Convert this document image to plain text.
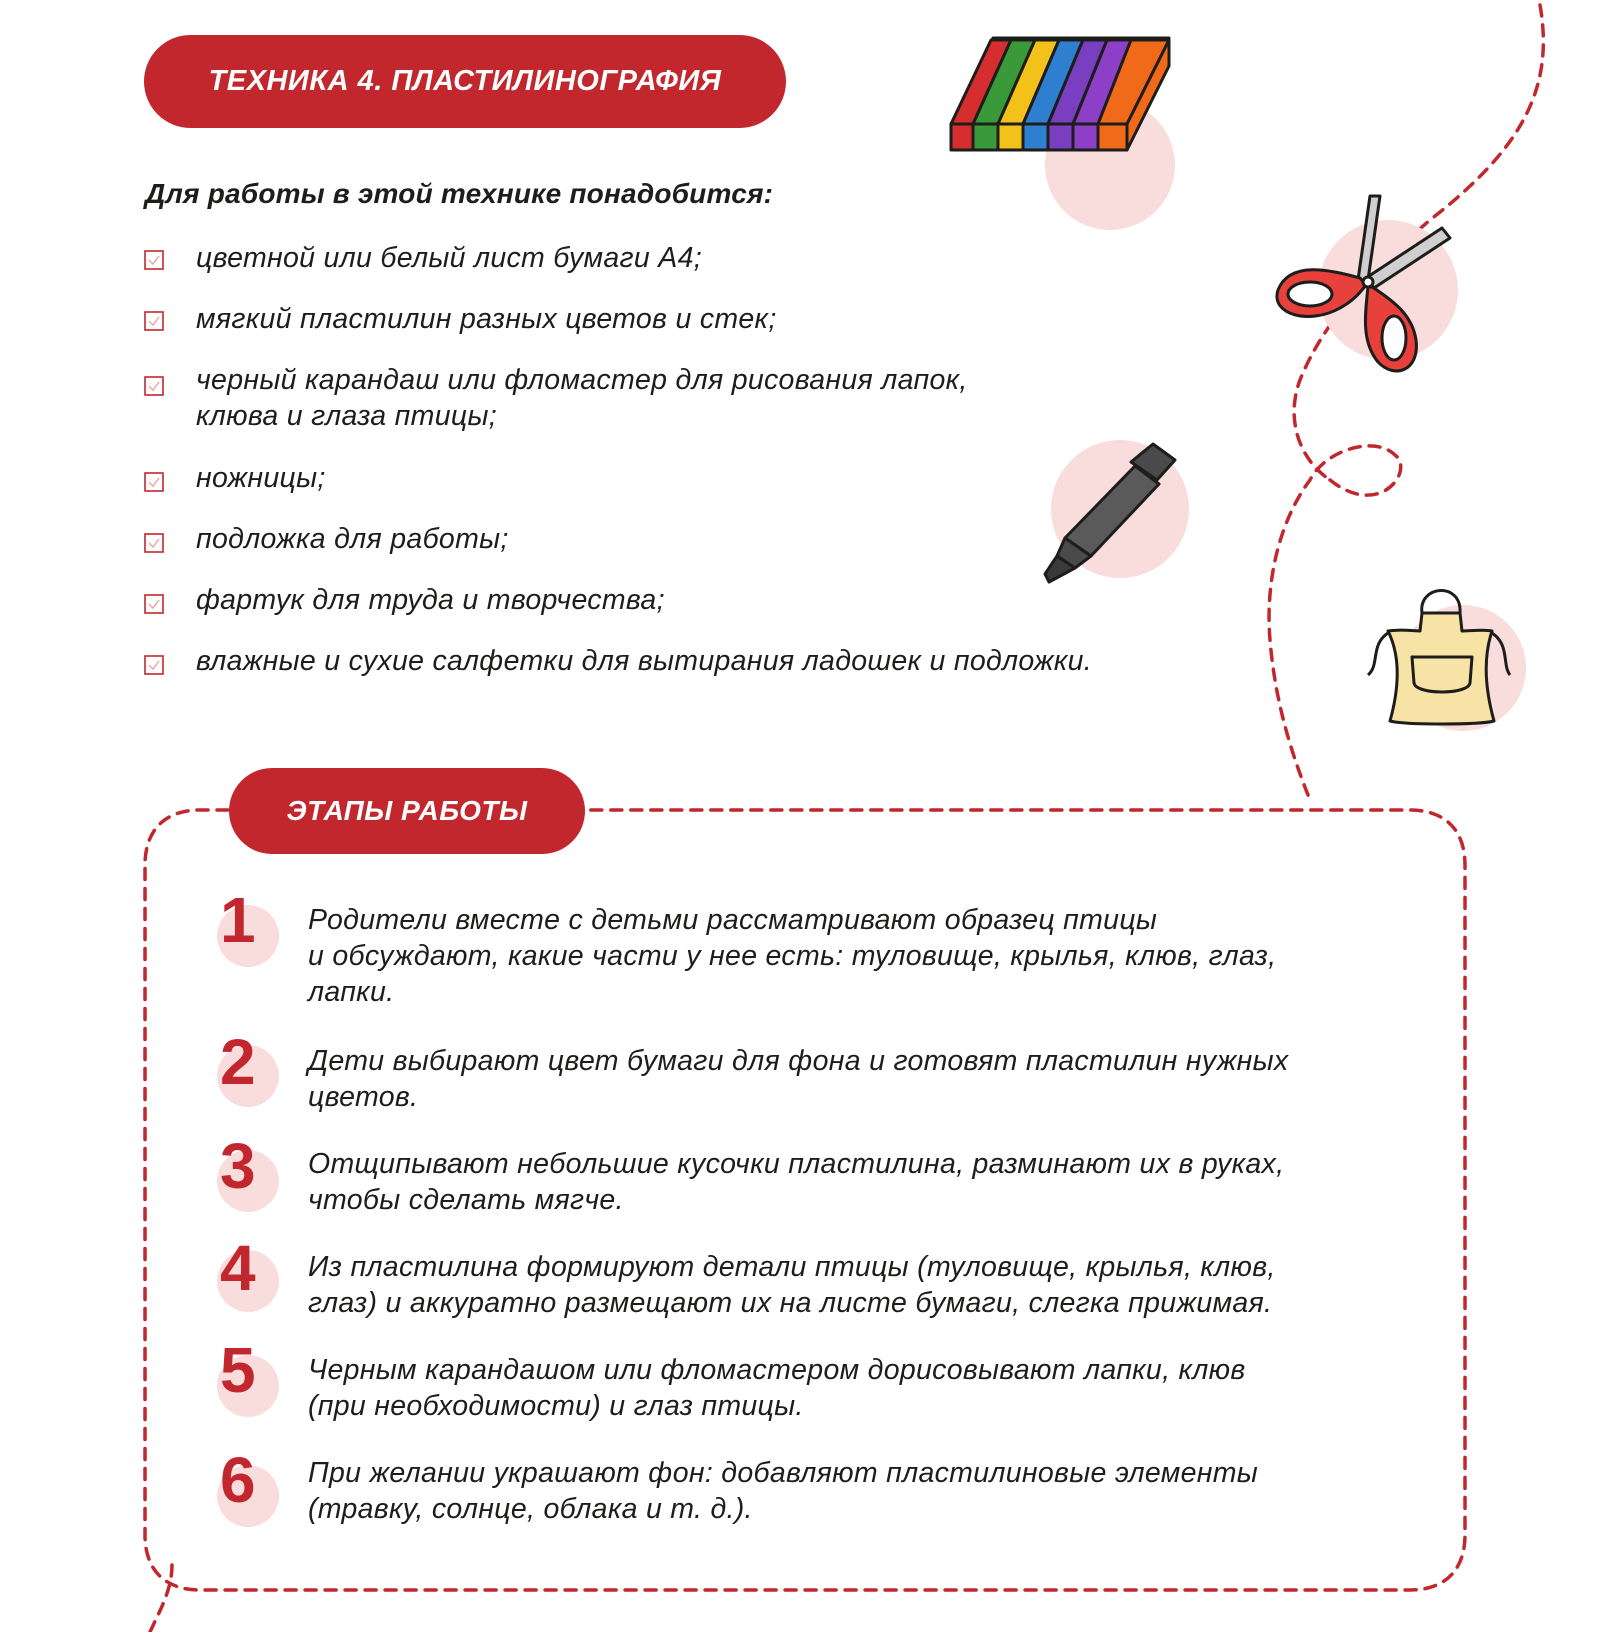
ТЕХНИКА 4. ПЛАСТИЛИНОГРАФИЯ
Для работы в этой технике понадобится:
цветной или белый лист бумаги А4;
мягкий пластилин разных цветов и стек;
черный карандаш или фломастер для рисования лапок,
клюва и глаза птицы;
ножницы;
подложка для работы;
фартук для труда и творчества;
влажные и сухие салфетки для вытирания ладошек и подложки.
ЭТАПЫ РАБОТЫ
1 Родители вместе с детьми рассматривают образец птицы
и обсуждают, какие части у нее есть: туловище, крылья, клюв, глаз,
лапки.
2 Дети выбирают цвет бумаги для фона и готовят пластилин нужных
цветов.
3 Отщипывают небольшие кусочки пластилина, разминают их в руках,
чтобы сделать мягче.
4 Из пластилина формируют детали птицы (туловище, крылья, клюв,
глаз) и аккуратно размещают их на листе бумаги, слегка прижимая.
5 Черным карандашом или фломастером дорисовывают лапки, клюв
(при необходимости) и глаз птицы.
6 При желании украшают фон: добавляют пластилиновые элементы
(травку, солнце, облака и т. д.).
